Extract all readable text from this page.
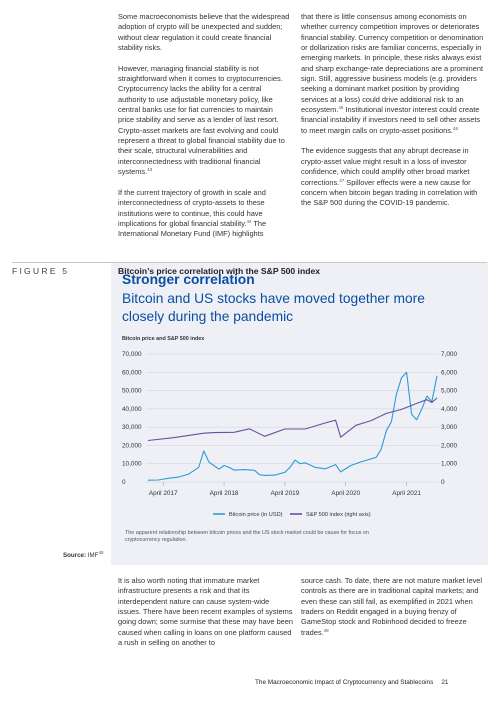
Some macroeconomists believe that the widespread adoption of crypto will be unexpected and sudden; without clear regulation it could create financial stability risks.

However, managing financial stability is not straightforward when it comes to cryptocurrencies. Cryptocurrency lacks the ability for a central authority to use adjustable monetary policy, like central banks use for fiat currencies to maintain price stability and serve as a lender of last resort. Crypto-asset markets are fast evolving and could represent a threat to global financial stability due to their scale, structural vulnerabilities and interconnectedness with traditional financial systems.$^{43}$

If the current trajectory of growth in scale and interconnectedness of crypto-assets to these institutions were to continue, this could have implications for global financial stability.$^{44}$ The International Monetary Fund (IMF) highlights

that there is little consensus among economists on whether currency competition improves or deteriorates financial stability. Currency competition or denomination or dollarization risks are familiar concerns, especially in emerging markets. In principle, these risks always exist and sharp exchange-rate depreciations are a prominent sign. Still, aggressive business models (e.g. providers seeking a dominant market position by providing services at a loss) could drive additional risk to an ecosystem.$^{45}$ Institutional investor interest could create financial instability if investors need to sell other assets to meet margin calls on crypto-asset positions.$^{46}$

The evidence suggests that any abrupt decrease in crypto-asset value might result in a loss of investor confidence, which could amplify other broad market corrections.$^{47}$ Spillover effects were a new cause for concern when bitcoin began trading in correlation with the S&P 500 during the COVID-19 pandemic.

FIGURE 5	Bitcoin’s price correlation with the S&P 500 index
Stronger correlation
Bitcoin and US stocks have moved together more closely during the pandemic
Bitcoin price and S&P 500 index
70,000
60,000
50,000
40,000
30,000
20,000
10,000
0
7,000
6,000
5,000
4,000
3,000
2,000
1,000
0
April 2017	April 2018	April 2019	April 2020	April 2021
Bitcoin price (in USD)	S&P 500 index (right axis)
The apparent relationship between bitcoin prices and the US stock market could be cause for focus on cryptocurrency regulation.
Source: IMF$^{48}$

It is also worth noting that immature market infrastructure presents a risk and that its interdependent nature can cause system-wide issues. There have been recent examples of systems going down; some surmise that these may have been caused when calling in loans on one platform caused a rush in selling on another to

source cash. To date, there are not mature market level controls as there are in traditional capital markets; and even these can still fail, as exemplified in 2021 when traders on Reddit engaged in a buying frenzy of GameStop stock and Robinhood decided to freeze trades.$^{49}$

The Macroeconomic Impact of Cryptocurrency and Stablecoins 21
